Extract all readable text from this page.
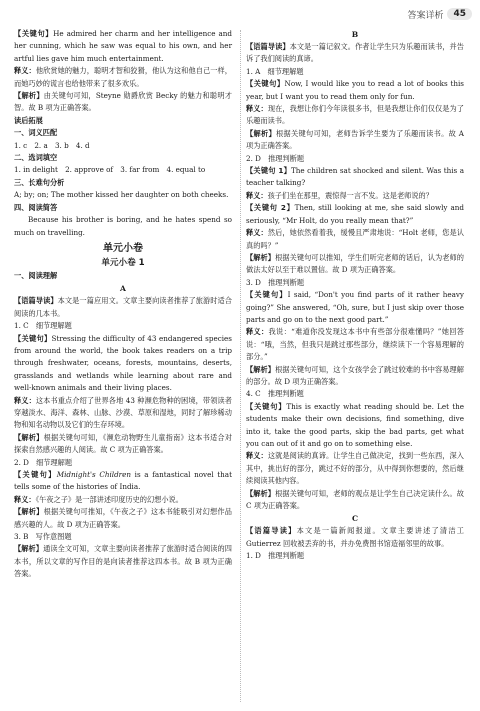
答案详析	45
【关键句】He admired her charm and her intelligence and her cunning, which he saw was equal to his own, and her artful lies gave him much entertainment.
释义：他欣赏她的魅力，聪明才智和狡猾，他认为这和他自己一样，而她巧妙的谎言也给他带来了很多欢乐。
【解析】由关键句可知，Steyne 勋爵欣赏 Becky 的魅力和聪明才智。故 B 项为正确答案。
读后拓展
一、词义匹配
1. c　2. a　3. b　4. d
二、选词填空
1. in delight　2. approve of　3. far from　4. equal to
三、长难句分析
A; by; on; The mother kissed her daughter on both cheeks.
四、阅读简答
Because his brother is boring, and he hates spend so much on travelling.
单元小卷
单元小卷 1
一、阅读理解
A
【语篇导读】本文是一篇应用文。文章主要向读者推荐了旅游时适合阅读的几本书。
1. C　细节理解题
【关键句】Stressing the difficulty of 43 endangered species from around the world, the book takes readers on a trip through freshwater, oceans, forests, mountains, deserts, grasslands and wetlands while learning about rare and well-known animals and their living places.
释义：这本书重点介绍了世界各地 43 种濒危物种的困境，带领读者穿越淡水、海洋、森林、山脉、沙漠、草原和湿地，同时了解珍稀动物和知名动物以及它们的生存环境。
【解析】根据关键句可知，《濒危动物野生儿童指南》这本书适合对探索自然感兴趣的人阅读。故 C 项为正确答案。
2. D　细节理解题
【关键句】Midnight's Children is a fantastical novel that tells some of the histories of India.
释义：《午夜之子》是一部讲述印度历史的幻想小说。
【解析】根据关键句可推知，《午夜之子》这本书能吸引对幻想作品感兴趣的人。故 D 项为正确答案。
3. B　写作意图题
【解析】通读全文可知，文章主要向读者推荐了旅游时适合阅读的四本书，所以文章的写作目的是向读者推荐这四本书。故 B 项为正确答案。
B
【语篇导读】本文是一篇记叙文。作者让学生只为乐趣而读书，并告诉了我们阅读的真谛。
1. A　细节理解题
【关键句】Now, I would like you to read a lot of books this year, but I want you to read them only for fun.
释义：现在，我想让你们今年读很多书，但是我想让你们仅仅是为了乐趣而读书。
【解析】根据关键句可知，老师告诉学生要为了乐趣而读书。故 A 项为正确答案。
2. D　推理判断题
【关键句 1】The children sat shocked and silent. Was this a teacher talking?
释义：孩子们坐在那里，震惊得一言不发。这是老师说的？
【关键句 2】Then, still looking at me, she said slowly and seriously, “Mr Holt, do you really mean that?”
释义：然后，她依然看着我，缓慢且严肃地说：“Holt 老师，您是认真的吗？”
【解析】根据关键句可以推知，学生们听完老师的话后，认为老师的做法太好以至于难以置信。故 D 项为正确答案。
3. D　推理判断题
【关键句】I said, “Don't you find parts of it rather heavy going?” She answered, “Oh, sure, but I just skip over those parts and go on to the next good part.”
释义：我说：“难道你没发现这本书中有些部分很难懂吗？”她回答说：“哦，当然，但我只是跳过那些部分，继续读下一个容易理解的部分。”
【解析】根据关键句可知，这个女孩学会了跳过较难的书中容易理解的部分。故 D 项为正确答案。
4. C　推理判断题
【关键句】This is exactly what reading should be. Let the students make their own decisions, find something, dive into it, take the good parts, skip the bad parts, get what you can out of it and go on to something else.
释义：这就是阅读的真谛。让学生自己做决定，找到一些东西，深入其中，挑出好的部分，跳过不好的部分，从中得到你想要的，然后继续阅读其他内容。
【解析】根据关键句可知，老师的观点是让学生自己决定读什么。故 C 项为正确答案。
C
【语篇导读】本文是一篇新闻报道。文章主要讲述了清洁工 Gutierrez 回收被丢弃的书，并办免费图书馆造福邻里的故事。
1. D　推理判断题
